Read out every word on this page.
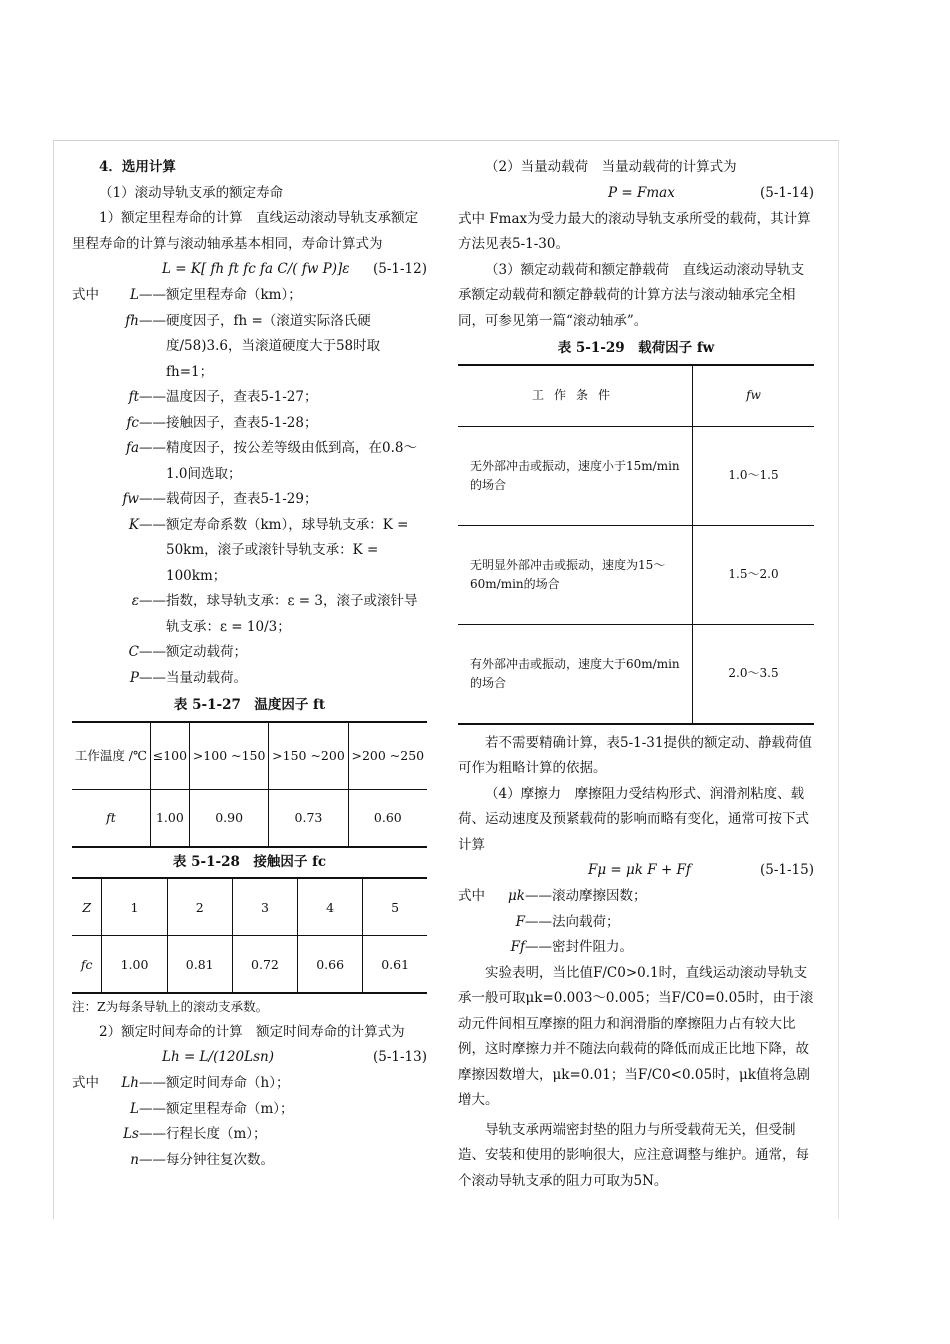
4．选用计算

（1）滚动导轨支承的额定寿命

1）额定里程寿命的计算　直线运动滚动导轨支承额定里程寿命的计算与滚动轴承基本相同，寿命计算式为

L = K[ fh ft fc fa C/( fw P)]ε (5-1-12)
式中	L—— 额定里程寿命（km）；
fh—— 硬度因子，fh =（滚道实际洛氏硬度/58)3.6，当滚道硬度大于58时取fh=1；
ft—— 温度因子，查表5-1-27；
fc—— 接触因子，查表5-1-28；
fa—— 精度因子，按公差等级由低到高，在0.8～1.0间选取；
fw—— 载荷因子，查表5-1-29；
K—— 额定寿命系数（km），球导轨支承：K = 50km，滚子或滚针导轨支承：K = 100km；
ε—— 指数，球导轨支承：ε = 3，滚子或滚针导轨支承：ε = 10/3；
C—— 额定动载荷；
P—— 当量动载荷。

表 5-1-27　温度因子 ft

工作温度 /℃	≤100	>100 ~150	>150 ~200	>200 ~250
ft	1.00	0.90	0.73	0.60

表 5-1-28　接触因子 fc

Z	1	2	3	4	5
fc	1.00	0.81	0.72	0.66	0.61

注：Z为每条导轨上的滚动支承数。

2）额定时间寿命的计算　额定时间寿命的计算式为

Lh = L/(120Lsn)	(5-1-13)
式中	Lh—— 额定时间寿命（h）；
L—— 额定里程寿命（m）；
Ls—— 行程长度（m）；
n—— 每分钟往复次数。

（2）当量动载荷　当量动载荷的计算式为

P = Fmax	(5-1-14)

式中 Fmax为受力最大的滚动导轨支承所受的载荷，其计算方法见表5-1-30。

（3）额定动载荷和额定静载荷　直线运动滚动导轨支承额定动载荷和额定静载荷的计算方法与滚动轴承完全相同，可参见第一篇“滚动轴承”。

表 5-1-29　载荷因子 fw

工作条件	fw
无外部冲击或振动，速度小于15m/min的场合	1.0～1.5
无明显外部冲击或振动，速度为15～60m/min的场合	1.5～2.0
有外部冲击或振动，速度大于60m/min的场合	2.0～3.5

若不需要精确计算，表5-1-31提供的额定动、静载荷值可作为粗略计算的依据。

（4）摩擦力　摩擦阻力受结构形式、润滑剂粘度、载荷、运动速度及预紧载荷的影响而略有变化，通常可按下式计算

Fμ = μk F + Ff	(5-1-15)
式中	μk—— 滚动摩擦因数；
F—— 法向载荷；
Ff—— 密封件阻力。

实验表明，当比值F/C0>0.1时，直线运动滚动导轨支承一般可取μk=0.003～0.005；当F/C0=0.05时，由于滚动元件间相互摩擦的阻力和润滑脂的摩擦阻力占有较大比例，这时摩擦力并不随法向载荷的降低而成正比地下降，故摩擦因数增大，μk=0.01；当F/C0<0.05时，μk值将急剧增大。

导轨支承两端密封垫的阻力与所受载荷无关，但受制造、安装和使用的影响很大，应注意调整与维护。通常，每个滚动导轨支承的阻力可取为5N。
